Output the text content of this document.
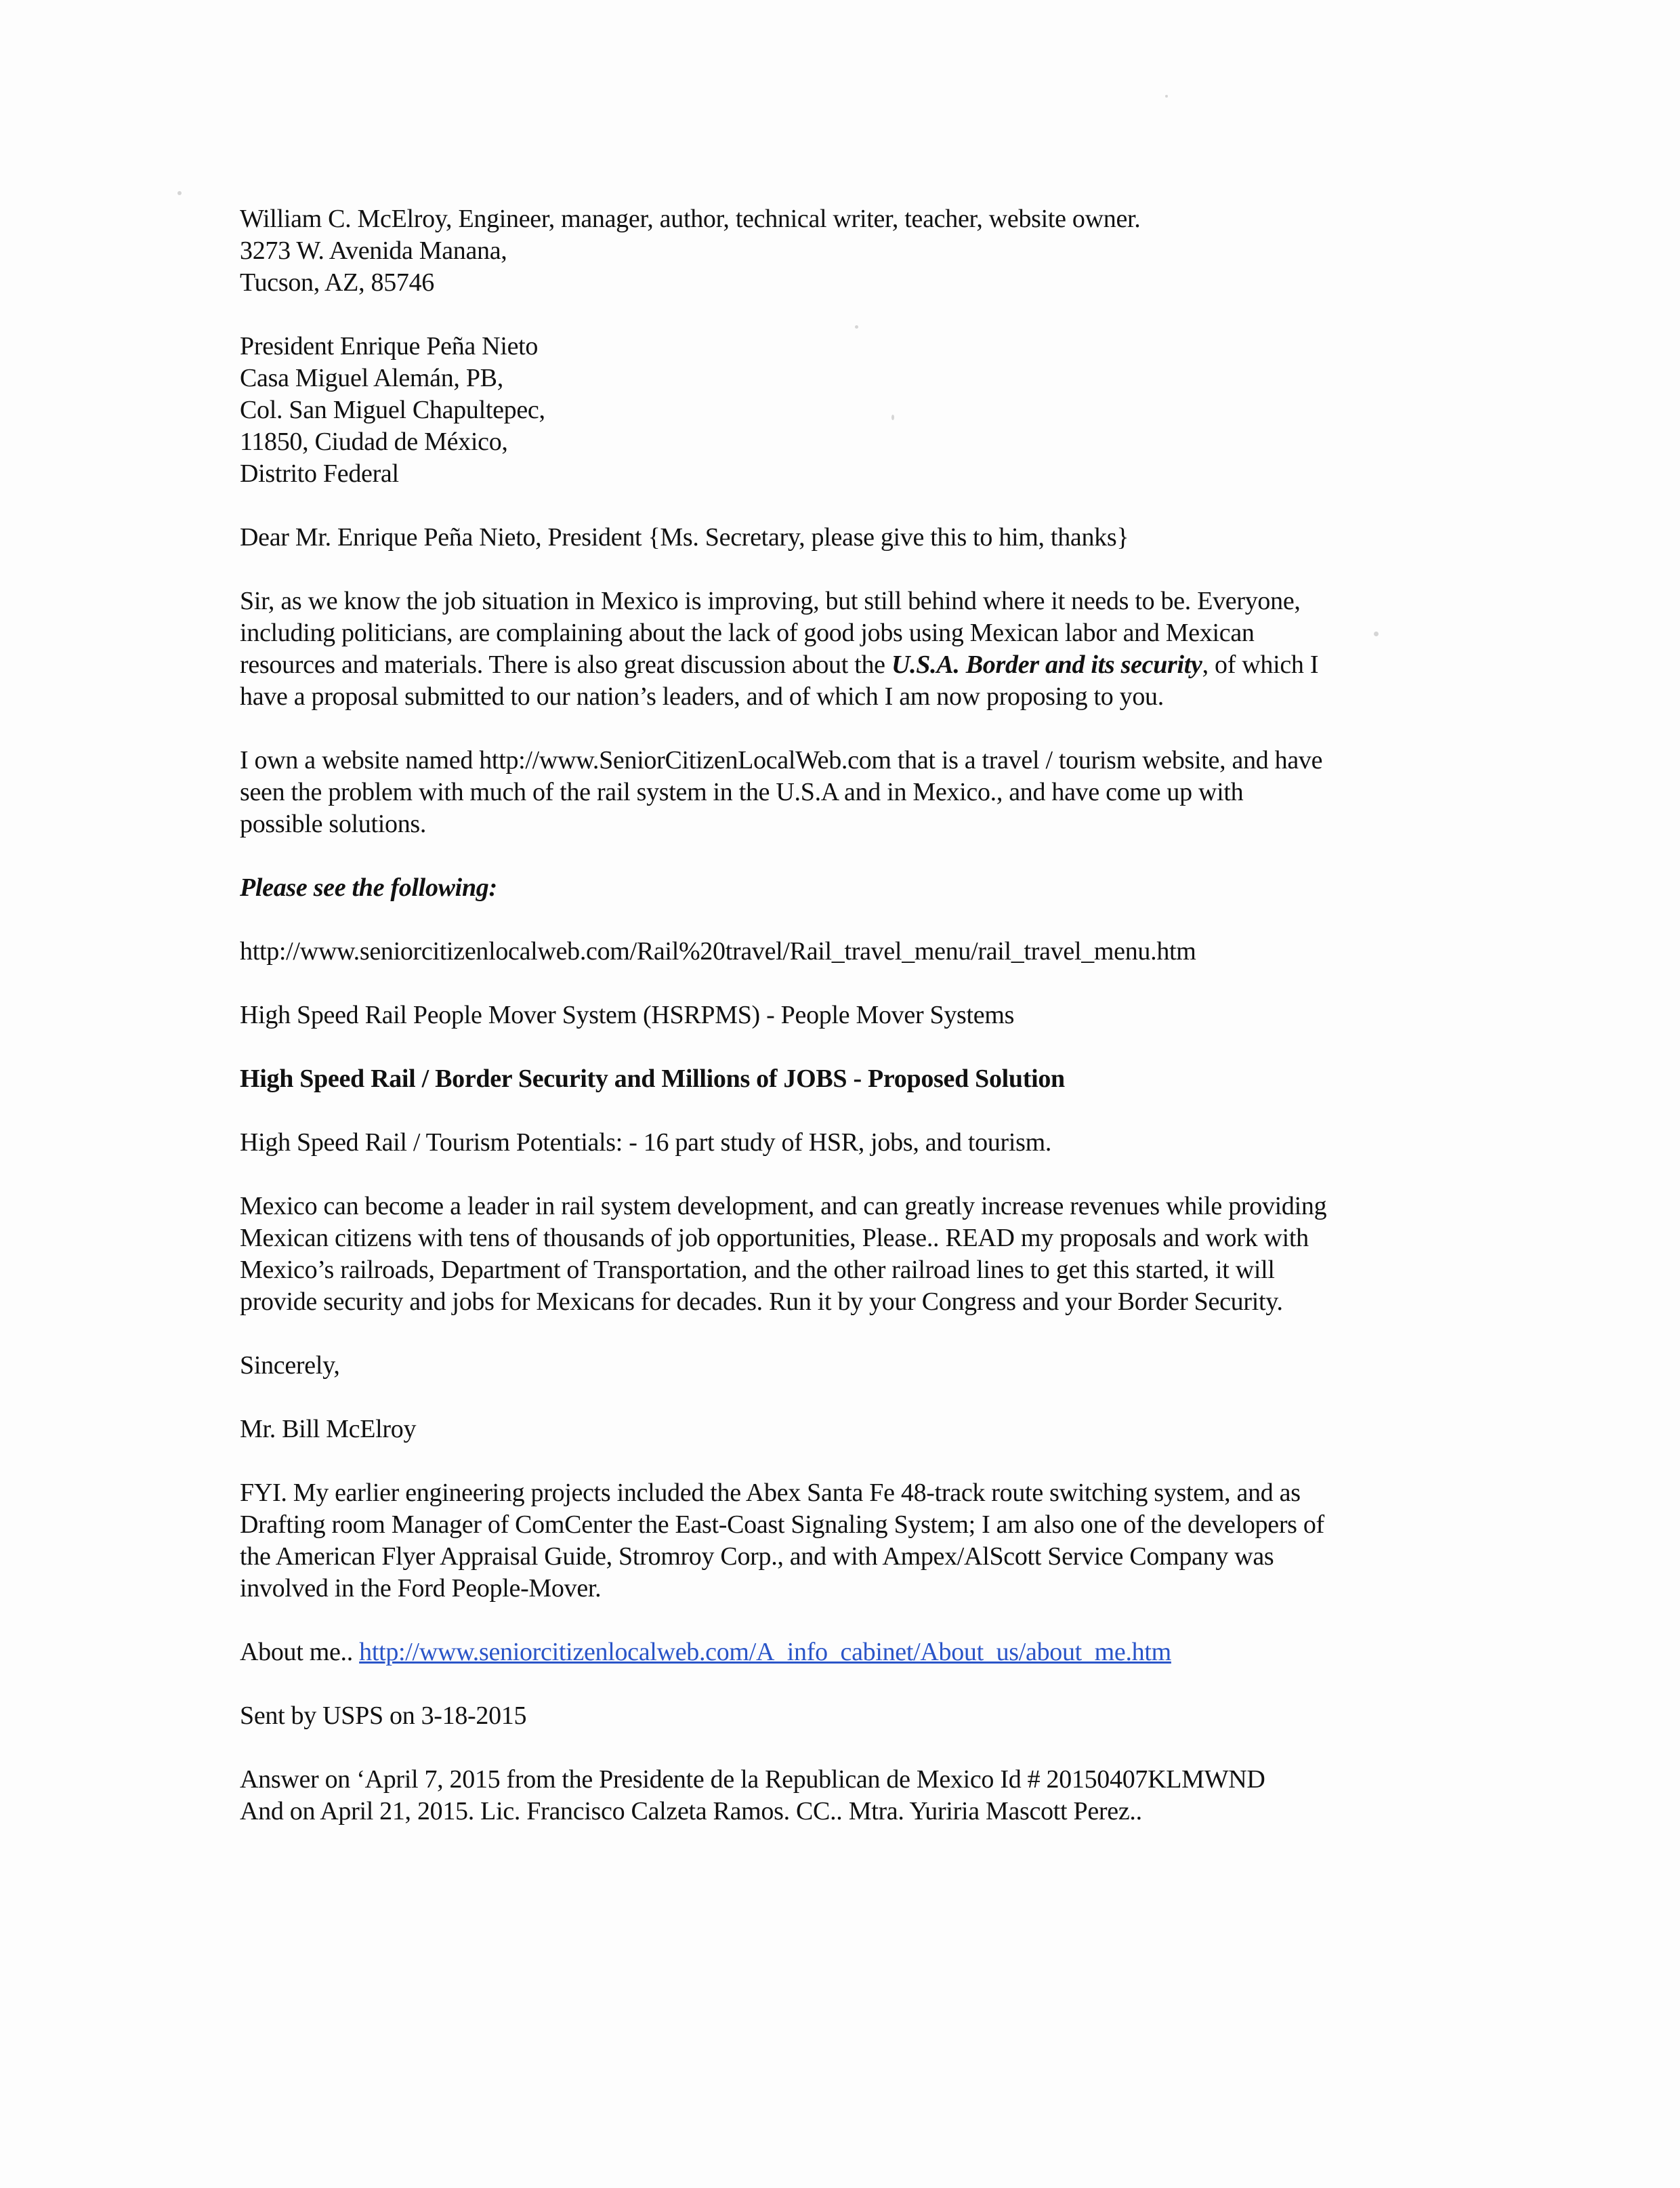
William C. McElroy, Engineer, manager, author, technical writer, teacher, website owner.
3273 W. Avenida Manana,
Tucson, AZ, 85746
President Enrique Peña Nieto
Casa Miguel Alemán, PB,
Col. San Miguel Chapultepec,
11850, Ciudad de México,
Distrito Federal
Dear Mr. Enrique Peña Nieto, President {Ms. Secretary, please give this to him, thanks}
Sir, as we know the job situation in Mexico is improving, but still behind where it needs to be. Everyone,
including politicians, are complaining about the lack of good jobs using Mexican labor and Mexican
resources and materials. There is also great discussion about the U.S.A. Border and its security, of which I
have a proposal submitted to our nation’s leaders, and of which I am now proposing to you.
I own a website named http://www.SeniorCitizenLocalWeb.com that is a travel / tourism website, and have
seen the problem with much of the rail system in the U.S.A and in Mexico., and have come up with
possible solutions.
Please see the following:
http://www.seniorcitizenlocalweb.com/Rail%20travel/Rail_travel_menu/rail_travel_menu.htm
High Speed Rail People Mover System (HSRPMS) - People Mover Systems
High Speed Rail / Border Security and Millions of JOBS - Proposed Solution
High Speed Rail / Tourism Potentials: - 16 part study of HSR, jobs, and tourism.
Mexico can become a leader in rail system development, and can greatly increase revenues while providing
Mexican citizens with tens of thousands of job opportunities, Please.. READ my proposals and work with
Mexico’s railroads, Department of Transportation, and the other railroad lines to get this started, it will
provide security and jobs for Mexicans for decades. Run it by your Congress and your Border Security.
Sincerely,
Mr. Bill McElroy
FYI. My earlier engineering projects included the Abex Santa Fe 48-track route switching system, and as
Drafting room Manager of ComCenter the East-Coast Signaling System; I am also one of the developers of
the American Flyer Appraisal Guide, Stromroy Corp., and with Ampex/AlScott Service Company was
involved in the Ford People-Mover.
About me.. http://www.seniorcitizenlocalweb.com/A_info_cabinet/About_us/about_me.htm
Sent by USPS on 3-18-2015
Answer on ‘April 7, 2015 from the Presidente de la Republican de Mexico Id # 20150407KLMWND
And on April 21, 2015. Lic. Francisco Calzeta Ramos. CC.. Mtra. Yuriria Mascott Perez..
